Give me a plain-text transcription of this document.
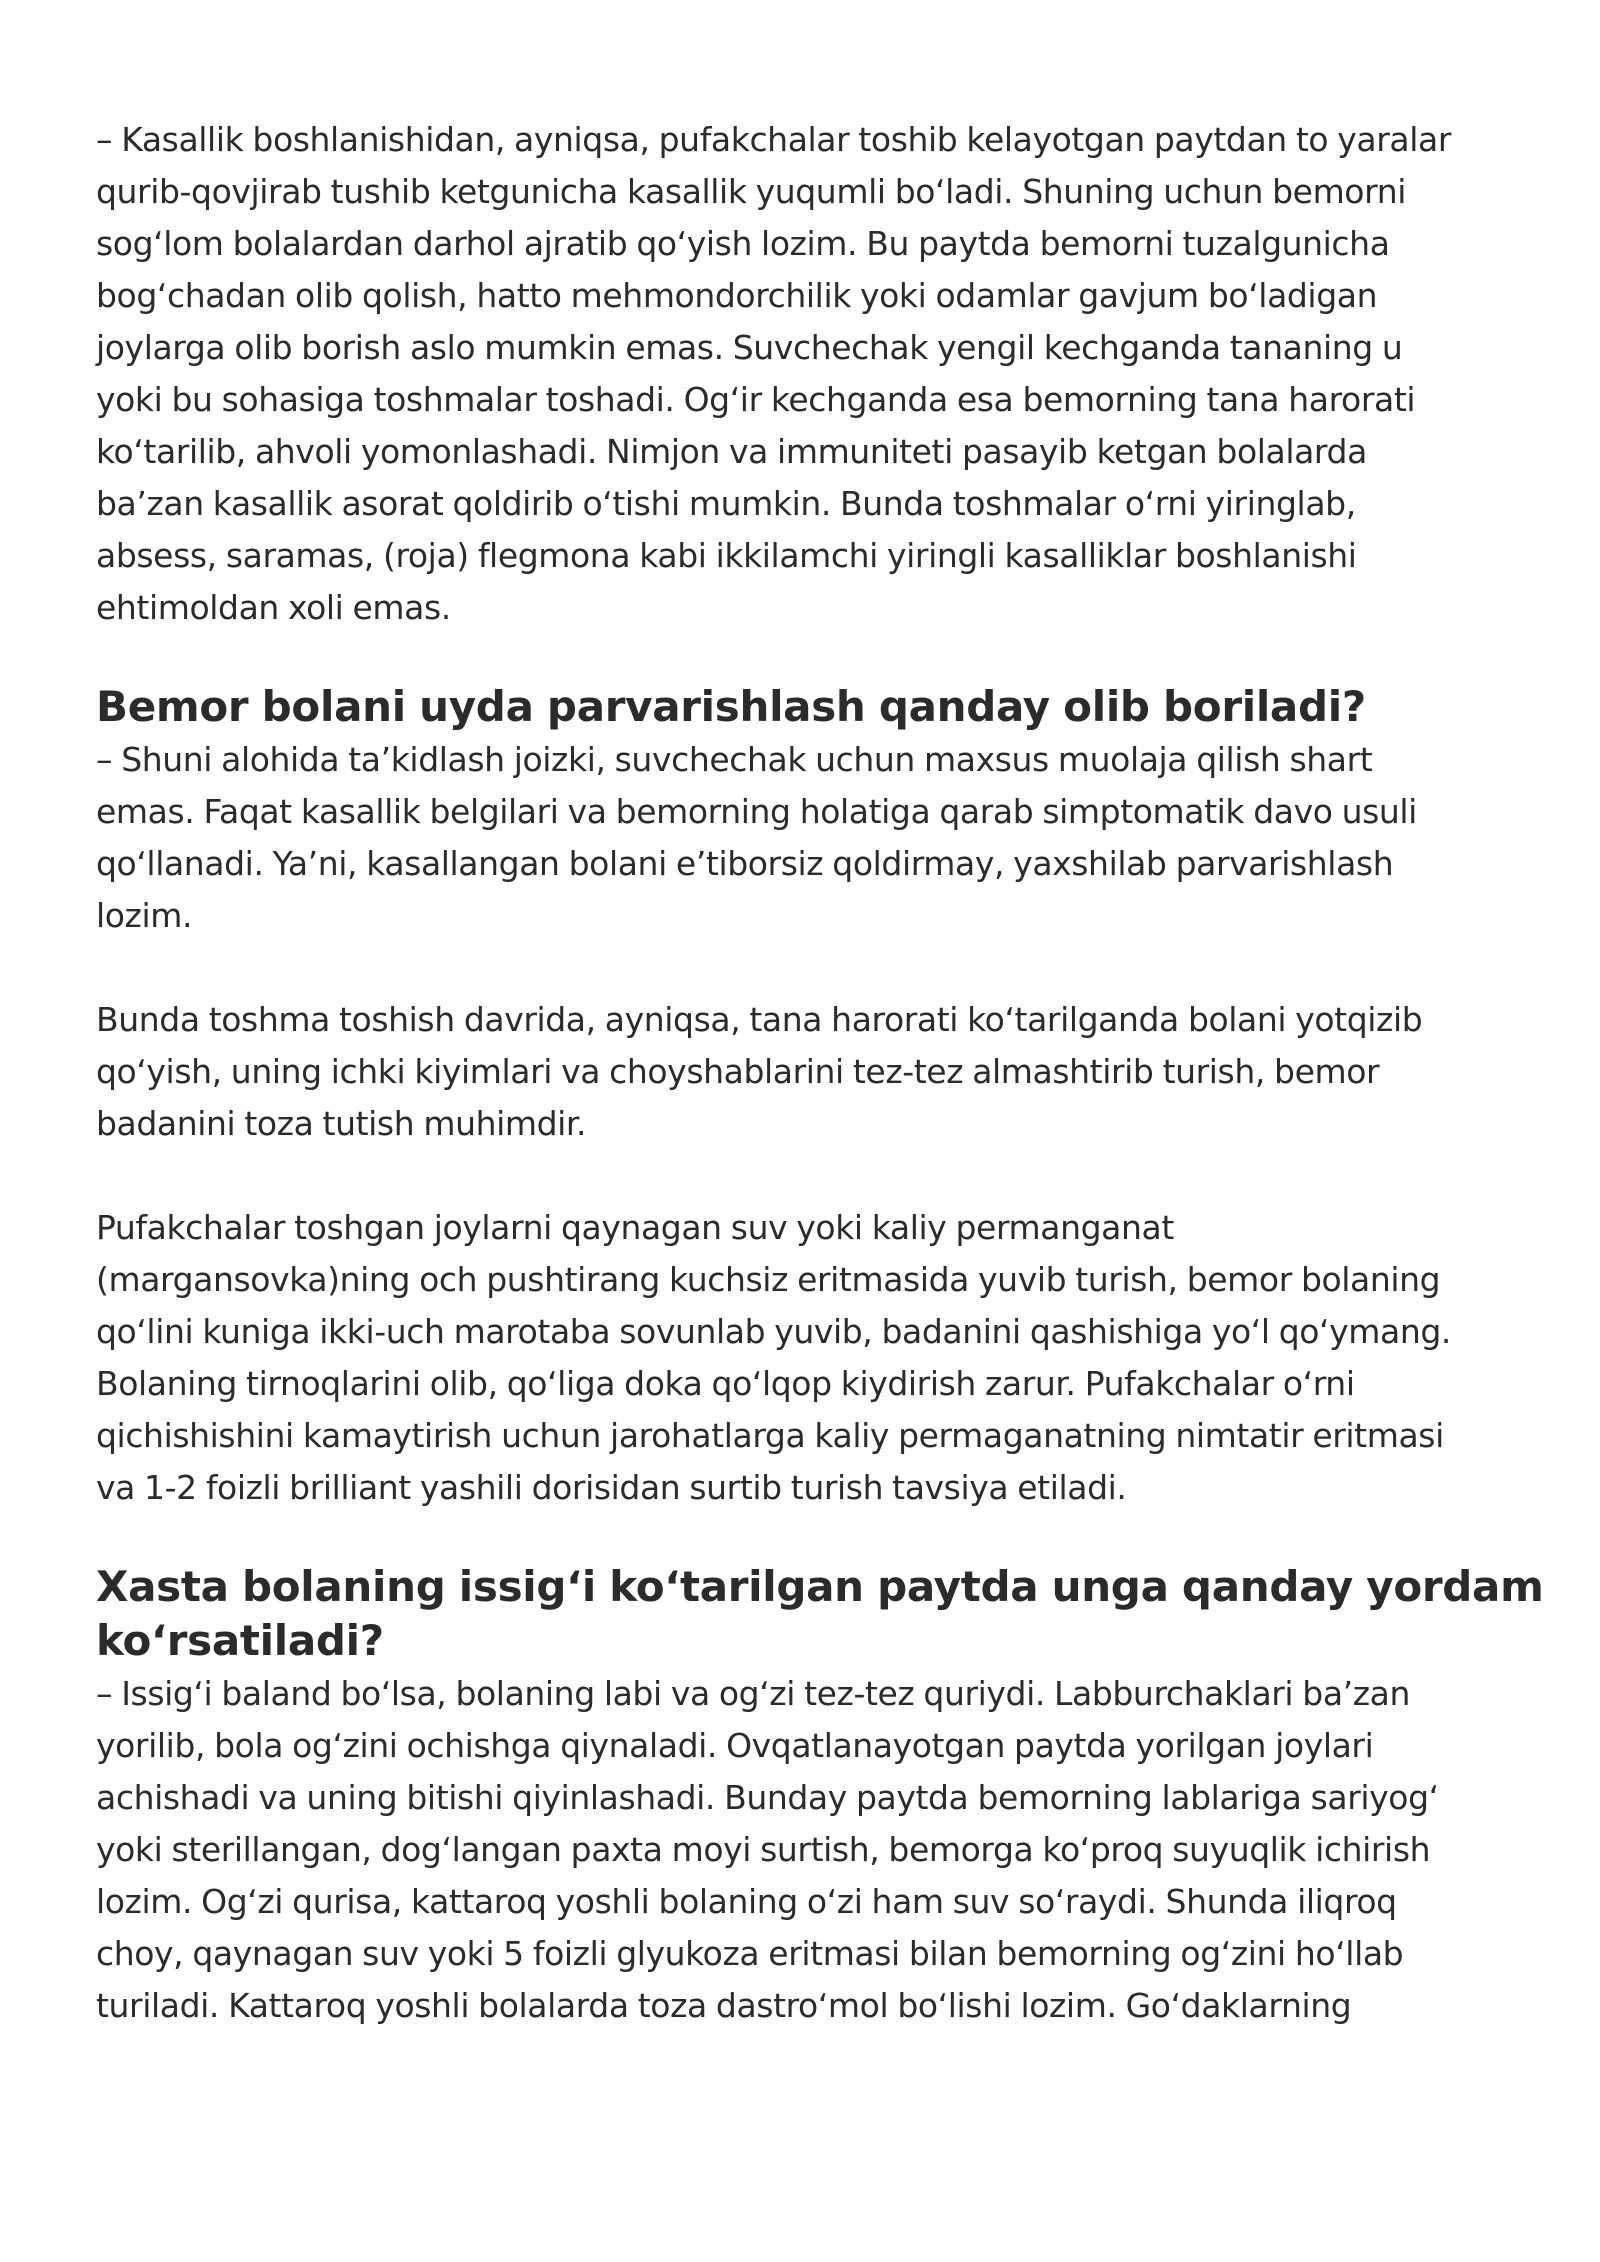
– Kasallik boshlanishidan, ayniqsa, pufakchalar toshib kelayotgan paytdan to yaralar
qurib-qovjirab tushib ketgunicha kasallik yuqumli boʻladi. Shuning uchun bemorni
sogʻlom bolalardan darhol ajratib qoʻyish lozim. Bu paytda bemorni tuzalgunicha
bogʻchadan olib qolish, hatto mehmondorchilik yoki odamlar gavjum boʻladigan
joylarga olib borish aslo mumkin emas. Suvchechak yengil kechganda tananing u
yoki bu sohasiga toshmalar toshadi. Ogʻir kechganda esa bemorning tana harorati
koʻtarilib, ahvoli yomonlashadi. Nimjon va immuniteti pasayib ketgan bolalarda
baʼzan kasallik asorat qoldirib oʻtishi mumkin. Bunda toshmalar oʻrni yiringlab,
absess, saramas, (roja) flegmona kabi ikkilamchi yiringli kasalliklar boshlanishi
ehtimoldan xoli emas.

Bemor bolani uyda parvarishlash qanday olib boriladi?

– Shuni alohida taʼkidlash joizki, suvchechak uchun maxsus muolaja qilish shart
emas. Faqat kasallik belgilari va bemorning holatiga qarab simptomatik davo usuli
qoʻllanadi. Yaʼni, kasallangan bolani eʼtiborsiz qoldirmay, yaxshilab parvarishlash
lozim.

Bunda toshma toshish davrida, ayniqsa, tana harorati koʻtarilganda bolani yotqizib
qoʻyish, uning ichki kiyimlari va choyshablarini tez-tez almashtirib turish, bemor
badanini toza tutish muhimdir.

Pufakchalar toshgan joylarni qaynagan suv yoki kaliy permanganat
(margansovka)ning och pushtirang kuchsiz eritmasida yuvib turish, bemor bolaning
qoʻlini kuniga ikki-uch marotaba sovunlab yuvib, badanini qashishiga yoʻl qoʻymang.
Bolaning tirnoqlarini olib, qoʻliga doka qoʻlqop kiydirish zarur. Pufakchalar oʻrni
qichishishini kamaytirish uchun jarohatlarga kaliy permaganatning nimtatir eritmasi
va 1-2 foizli brilliant yashili dorisidan surtib turish tavsiya etiladi.

Xasta bolaning issigʻi koʻtarilgan paytda unga qanday yordam
koʻrsatiladi?

– Issigʻi baland boʻlsa, bolaning labi va ogʻzi tez-tez quriydi. Labburchaklari baʼzan
yorilib, bola ogʻzini ochishga qiynaladi. Ovqatlanayotgan paytda yorilgan joylari
achishadi va uning bitishi qiyinlashadi. Bunday paytda bemorning lablariga sariyogʻ
yoki sterillangan, dogʻlangan paxta moyi surtish, bemorga koʻproq suyuqlik ichirish
lozim. Ogʻzi qurisa, kattaroq yoshli bolaning oʻzi ham suv soʻraydi. Shunda iliqroq
choy, qaynagan suv yoki 5 foizli glyukoza eritmasi bilan bemorning ogʻzini hoʻllab
turiladi. Kattaroq yoshli bolalarda toza dastroʻmol boʻlishi lozim. Goʻdaklarning
